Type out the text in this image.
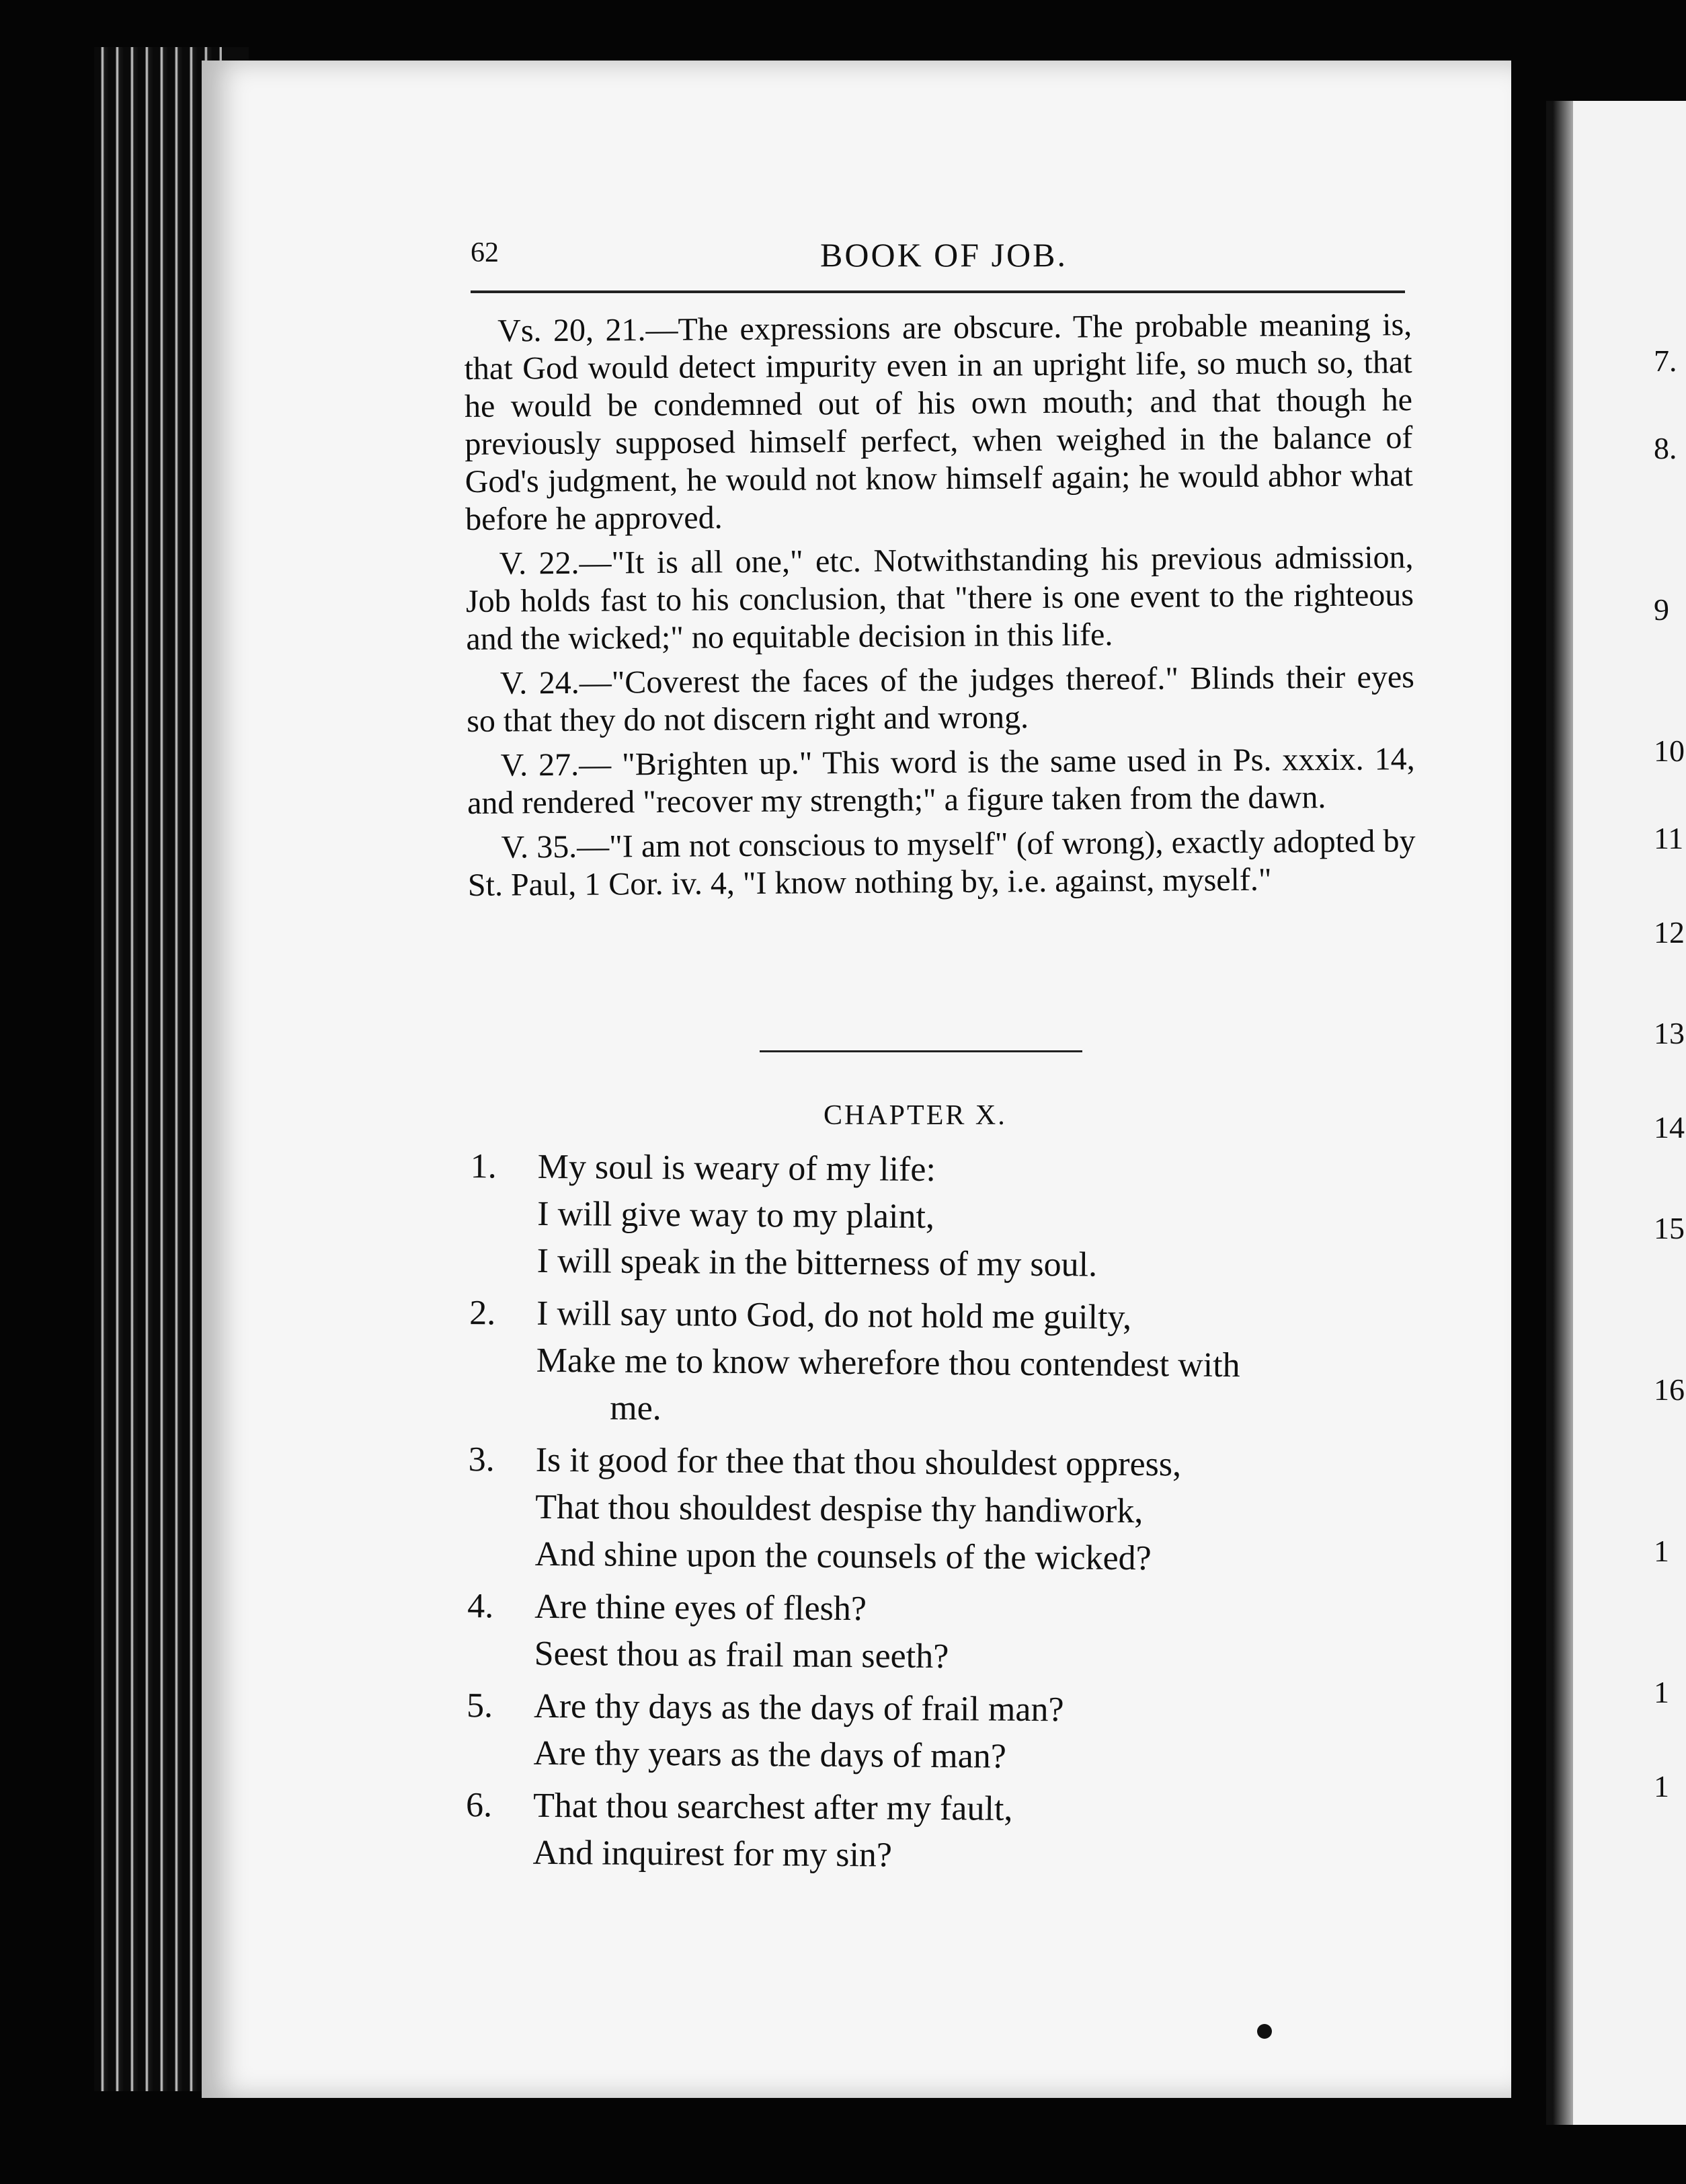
62	BOOK OF JOB.

Vs. 20, 21.—The expressions are obscure. The probable meaning is, that God would detect impurity even in an upright life, so much so, that he would be condemned out of his own mouth; and that though he previously supposed himself perfect, when weighed in the balance of God's judgment, he would not know himself again; he would abhor what before he approved.

V. 22.—"It is all one," etc. Notwithstanding his previous admission, Job holds fast to his conclusion, that "there is one event to the righteous and the wicked;" no equitable decision in this life.

V. 24.—"Coverest the faces of the judges thereof." Blinds their eyes so that they do not discern right and wrong.

V. 27.— "Brighten up." This word is the same used in Ps. xxxix. 14, and rendered "recover my strength;" a figure taken from the dawn.

V. 35.—"I am not conscious to myself" (of wrong), exactly adopted by St. Paul, 1 Cor. iv. 4, "I know nothing by, i.e. against, myself."

CHAPTER X.
1. My soul is weary of my life:
I will give way to my plaint,
I will speak in the bitterness of my soul.
2. I will say unto God, do not hold me guilty,
Make me to know wherefore thou contendest with
me.
3. Is it good for thee that thou shouldest oppress,
That thou shouldest despise thy handiwork,
And shine upon the counsels of the wicked?
4. Are thine eyes of flesh?
Seest thou as frail man seeth?
5. Are thy days as the days of frail man?
Are thy years as the days of man?
6. That thou searchest after my fault,
And inquirest for my sin?
7.
8.
9
10
11
12
13
14
15
16
1
1
1
